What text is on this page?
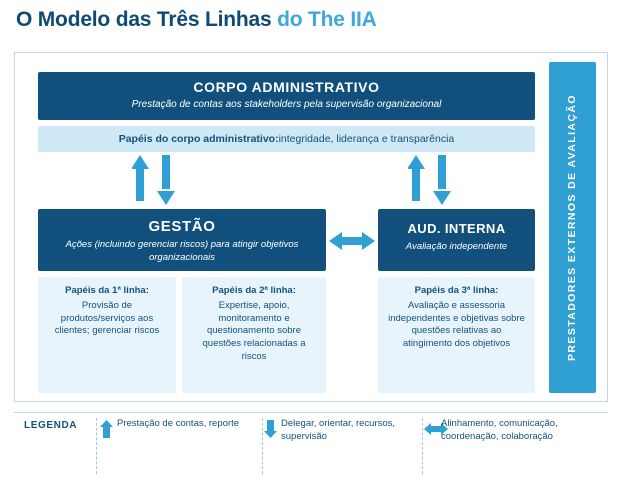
O Modelo das Três Linhas do The IIA
PRESTADORES EXTERNOS DE AVALIAÇÃO
CORPO ADMINISTRATIVO
Prestação de contas aos stakeholders pela supervisão organizacional
Papéis do corpo administrativo: integridade, liderança e transparência
GESTÃO
Ações (incluindo gerenciar riscos) para atingir objetivos organizacionais
AUD. INTERNA
Avaliação independente
Papéis da 1ª linha:
Provisão de produtos/serviços aos clientes; gerenciar riscos
Papéis da 2ª linha:
Expertise, apoio, monitoramento e questionamento sobre questões relacionadas a riscos
Papéis da 3ª linha:
Avaliação e assessoria independentes e objetivas sobre questões relativas ao atingimento dos objetivos
LEGENDA	Prestação de contas, reporte	Delegar, orientar, recursos, supervisão
Alinhamento, comunicação, coordenação, colaboração
